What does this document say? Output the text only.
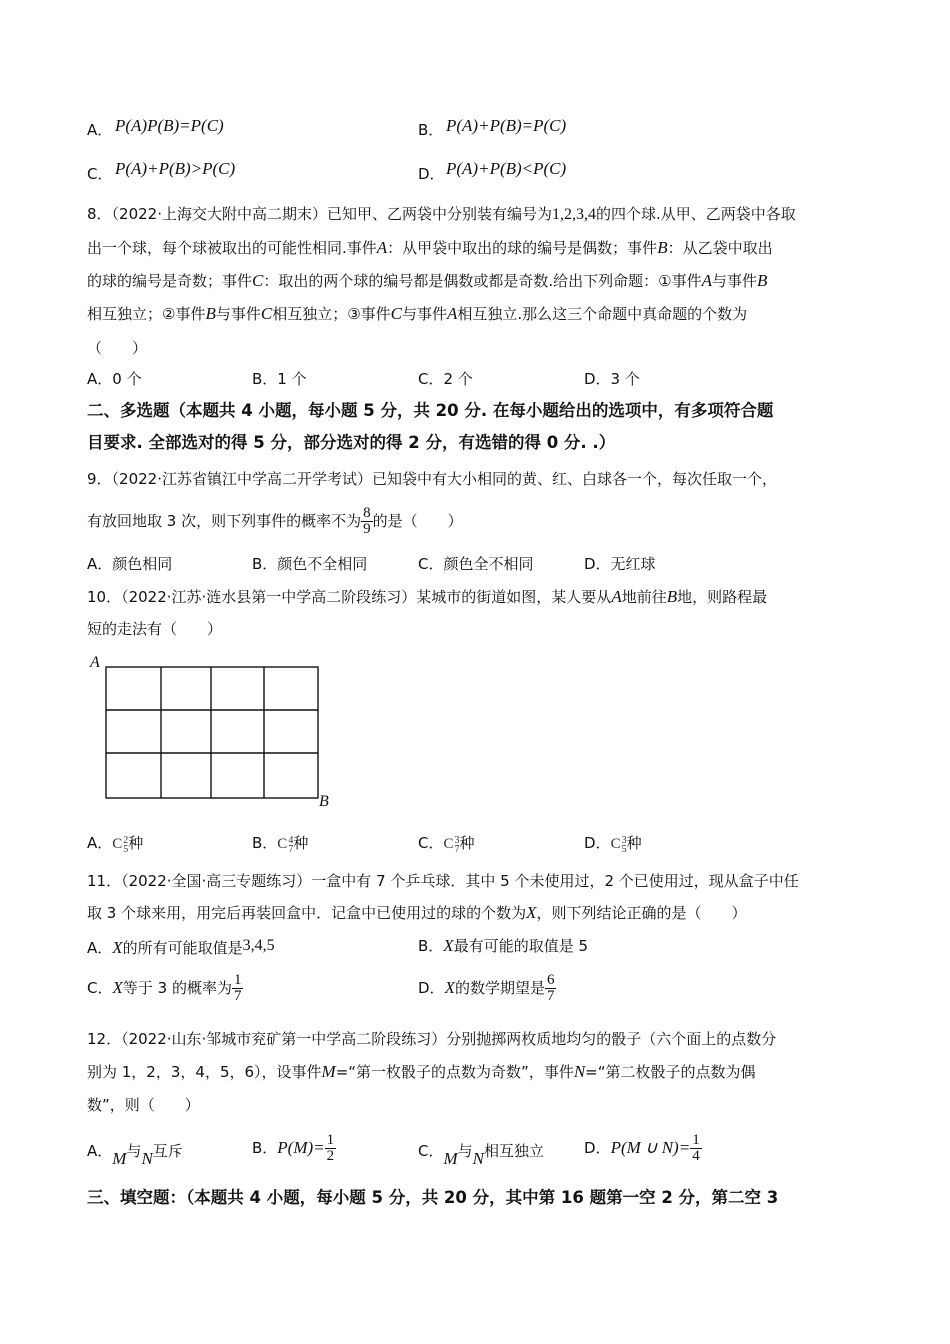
A． P(A)P(B)=P(C)	B． P(A)+P(B)=P(C)
C． P(A)+P(B)>P(C)	D． P(A)+P(B)<P(C)
8．（2022·上海交大附中高二期末）已知甲、乙两袋中分别装有编号为1,2,3,4的四个球.从甲、乙两袋中各取
出一个球，每个球被取出的可能性相同.事件A：从甲袋中取出的球的编号是偶数；事件B：从乙袋中取出
的球的编号是奇数；事件C：取出的两个球的编号都是偶数或都是奇数.给出下列命题：①事件A与事件B
相互独立；②事件B与事件C相互独立；③事件C与事件A相互独立.那么这三个命题中真命题的个数为
（　　）
A．0 个	B．1 个	C．2 个	D．3 个
二、多选题（本题共 4 小题，每小题 5 分，共 20 分. 在每小题给出的选项中，有多项符合题
目要求. 全部选对的得 5 分，部分选对的得 2 分，有选错的得 0 分. .）
9．（2022·江苏省镇江中学高二开学考试）已知袋中有大小相同的黄、红、白球各一个，每次任取一个，
有放回地取 3 次，则下列事件的概率不为 $\frac{8}{9}$ 的是（　　）
A．颜色相同	B．颜色不全相同	C．颜色全不相同	D．无红球
10．（2022·江苏·涟水县第一中学高二阶段练习）某城市的街道如图，某人要从A地前往B地，则路程最
短的走法有（　　）
A
B
A．C2
5种	B．C4
7种	C．C3
7种	D．C3
5种
11．（2022·全国·高三专题练习）一盒中有 7 个乒乓球．其中 5 个未使用过，2 个已使用过，现从盒子中任
取 3 个球来用，用完后再装回盒中．记盒中已使用过的球的个数为X，则下列结论正确的是（　　）
A．X的所有可能取值是3,4,5	B．X最有可能的取值是 5
C．X等于 3 的概率为 $\frac{1}{7}$	D．X的数学期望是 $\frac{6}{7}$
12．（2022·山东·邹城市兖矿第一中学高二阶段练习）分别抛掷两枚质地均匀的骰子（六个面上的点数分
别为 1，2，3，4，5，6），设事件M=“第一枚骰子的点数为奇数”，事件N=“第二枚骰子的点数为偶
数”，则（　　）
A．M与N互斥	B．$P(M)= \frac{1}{2}$	C．M与N相互独立	D．P(M ∪ $N)= \frac{1}{4}$
三、填空题：（本题共 4 小题，每小题 5 分，共 20 分，其中第 16 题第一空 2 分，第二空 3
